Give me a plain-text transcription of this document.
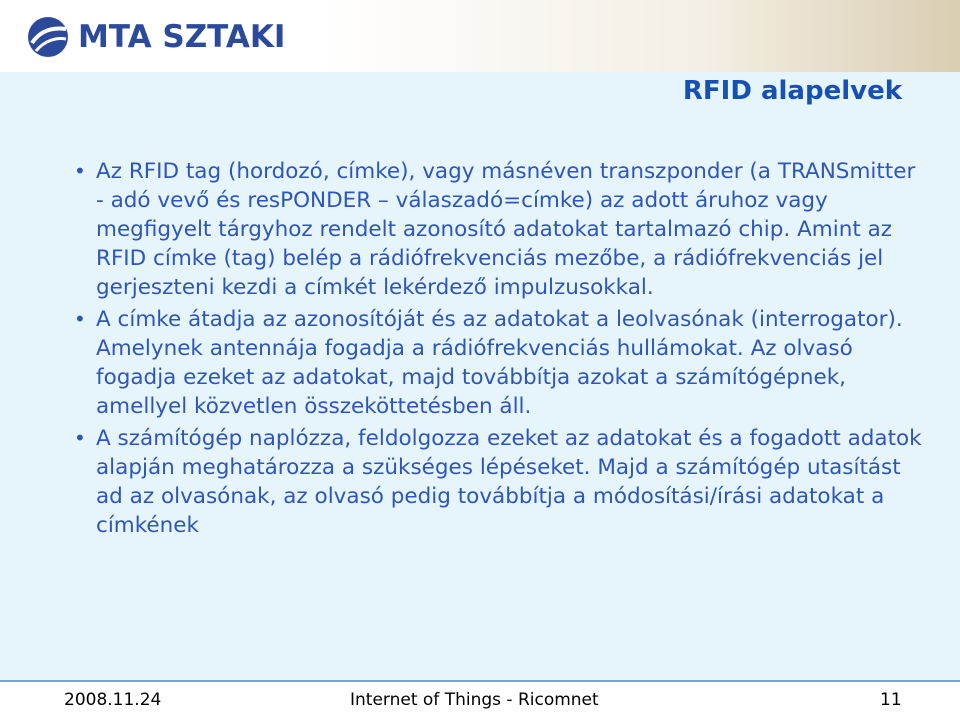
MTA SZTAKI
RFID alapelvek

• Az RFID tag (hordozó, címke), vagy másnéven transzponder (a TRANSmitter - adó vevő és resPONDER – válaszadó=címke) az adott áruhoz vagy megfigyelt tárgyhoz rendelt azonosító adatokat tartalmazó chip. Amint az RFID címke (tag) belép a rádiófrekvenciás mezőbe, a rádiófrekvenciás jel gerjeszteni kezdi a címkét lekérdező impulzusokkal.

• A címke átadja az azonosítóját és az adatokat a leolvasónak (interrogator). Amelynek antennája fogadja a rádiófrekvenciás hullámokat. Az olvasó fogadja ezeket az adatokat, majd továbbítja azokat a számítógépnek, amellyel közvetlen összeköttetésben áll.

• A számítógép naplózza, feldolgozza ezeket az adatokat és a fogadott adatok alapján meghatározza a szükséges lépéseket. Majd a számítógép utasítást ad az olvasónak, az olvasó pedig továbbítja a módosítási/írási adatokat a címkének

2008.11.24	Internet of Things - Ricomnet	11
